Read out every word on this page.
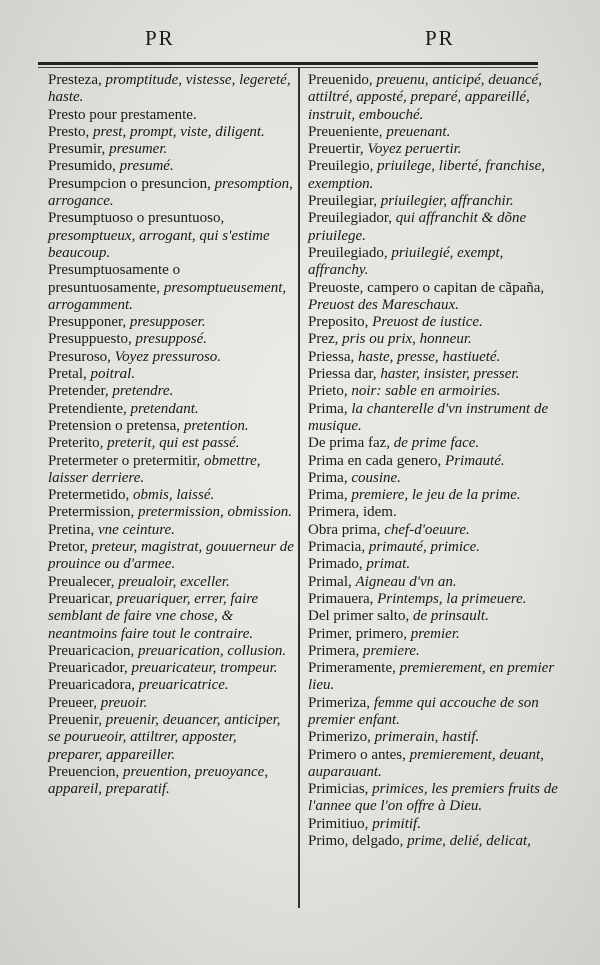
PR	PR
Presteza, promptitude, vistesse, legereté, haste.
Presto pour prestamente.
Presto, prest, prompt, viste, diligent.
Presumir, presumer.
Presumido, presumé.
Presumpcion o presuncion, presomption, arrogance.
Presumptuoso o presuntuoso, presomptueux, arrogant, qui s'estime beaucoup.
Presumptuosamente o presuntuosamente, presomptueusement, arrogamment.
Presupponer, presupposer.
Presuppuesto, presupposé.
Presuroso, Voyez pressuroso.
Pretal, poitral.
Pretender, pretendre.
Pretendiente, pretendant.
Pretension o pretensa, pretention.
Preterito, preterit, qui est passé.
Pretermeter o pretermitir, obmettre, laisser derriere.
Pretermetido, obmis, laissé.
Pretermission, pretermission, obmission.
Pretina, vne ceinture.
Pretor, preteur, magistrat, gouuerneur de prouince ou d'armee.
Preualecer, preualoir, exceller.
Preuaricar, preuariquer, errer, faire semblant de faire vne chose, & neantmoins faire tout le contraire.
Preuaricacion, preuarication, collusion.
Preuaricador, preuaricateur, trompeur.
Preuaricadora, preuaricatrice.
Preueer, preuoir.
Preuenir, preuenir, deuancer, anticiper, se pourueoir, attiltrer, apposter, preparer, appareiller.
Preuencion, preuention, preuoyance, appareil, preparatif.
Preuenido, preuenu, anticipé, deuancé, attiltré, apposté, preparé, appareillé, instruit, embouché.
Preueniente, preuenant.
Preuertir, Voyez peruertir.
Preuilegio, priuilege, liberté, franchise, exemption.
Preuilegiar, priuilegier, affranchir.
Preuilegiador, qui affranchit & dõne priuilege.
Preuilegiado, priuilegié, exempt, affranchy.
Preuoste, campero o capitan de cãpaña, Preuost des Mareschaux.
Preposito, Preuost de iustice.
Prez, pris ou prix, honneur.
Priessa, haste, presse, hastiueté.
Priessa dar, haster, insister, presser.
Prieto, noir: sable en armoiries.
Prima, la chanterelle d'vn instrument de musique.
De prima faz, de prime face.
Prima en cada genero, Primauté.
Prima, cousine.
Prima, premiere, le jeu de la prime.
Primera, idem.
Obra prima, chef-d'oeuure.
Primacia, primauté, primice.
Primado, primat.
Primal, Aigneau d'vn an.
Primauera, Printemps, la primeuere.
Del primer salto, de prinsault.
Primer, primero, premier.
Primera, premiere.
Primeramente, premierement, en premier lieu.
Primeriza, femme qui accouche de son premier enfant.
Primerizo, primerain, hastif.
Primero o antes, premierement, deuant, auparauant.
Primicias, primices, les premiers fruits de l'annee que l'on offre à Dieu.
Primitiuo, primitif.
Primo, delgado, prime, delié, delicat,
